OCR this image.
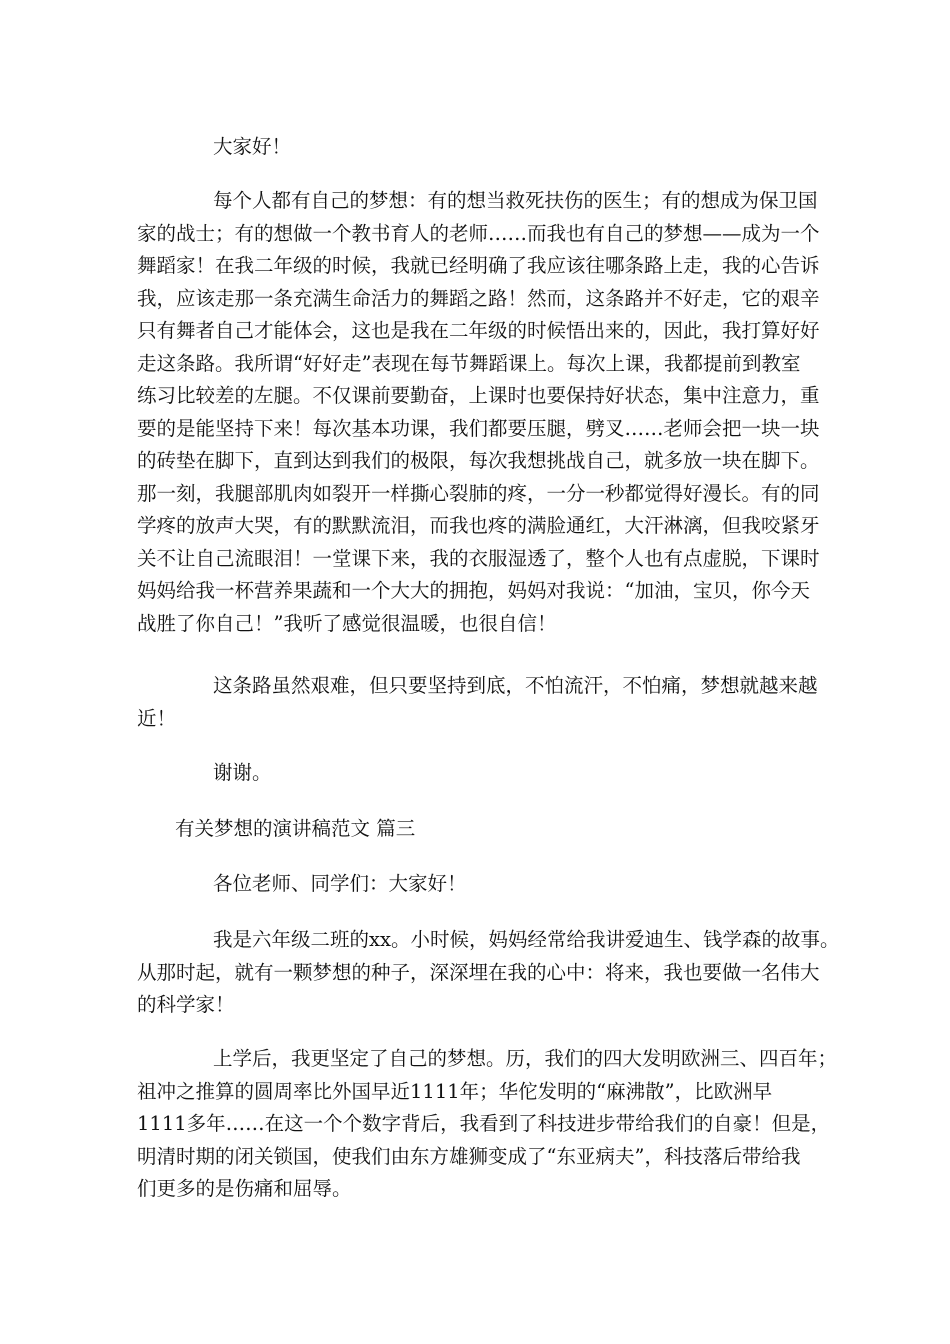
大家好！
每个人都有自己的梦想：有的想当救死扶伤的医生；有的想成为保卫国
家的战士；有的想做一个教书育人的老师……而我也有自己的梦想——成为一个
舞蹈家！在我二年级的时候，我就已经明确了我应该往哪条路上走，我的心告诉
我，应该走那一条充满生命活力的舞蹈之路！然而，这条路并不好走，它的艰辛
只有舞者自己才能体会，这也是我在二年级的时候悟出来的，因此，我打算好好
走这条路。我所谓“好好走”表现在每节舞蹈课上。每次上课，我都提前到教室
练习比较差的左腿。不仅课前要勤奋，上课时也要保持好状态，集中注意力，重
要的是能坚持下来！每次基本功课，我们都要压腿，劈叉……老师会把一块一块
的砖垫在脚下，直到达到我们的极限，每次我想挑战自己，就多放一块在脚下。
那一刻，我腿部肌肉如裂开一样撕心裂肺的疼，一分一秒都觉得好漫长。有的同
学疼的放声大哭，有的默默流泪，而我也疼的满脸通红，大汗淋漓，但我咬紧牙
关不让自己流眼泪！一堂课下来，我的衣服湿透了，整个人也有点虚脱，下课时
妈妈给我一杯营养果蔬和一个大大的拥抱，妈妈对我说：“加油，宝贝，你今天
战胜了你自己！”我听了感觉很温暖，也很自信！
这条路虽然艰难，但只要坚持到底，不怕流汗，不怕痛，梦想就越来越
近！
谢谢。
有关梦想的演讲稿范文 篇三
各位老师、同学们：大家好！
我是六年级二班的xx。小时候，妈妈经常给我讲爱迪生、钱学森的故事。
从那时起，就有一颗梦想的种子，深深埋在我的心中：将来，我也要做一名伟大
的科学家！
上学后，我更坚定了自己的梦想。历，我们的四大发明欧洲三、四百年；
祖冲之推算的圆周率比外国早近1111年；华佗发明的“麻沸散”，比欧洲早
1111多年……在这一个个数字背后，我看到了科技进步带给我们的自豪！但是，
明清时期的闭关锁国，使我们由东方雄狮变成了“东亚病夫”，科技落后带给我
们更多的是伤痛和屈辱。
